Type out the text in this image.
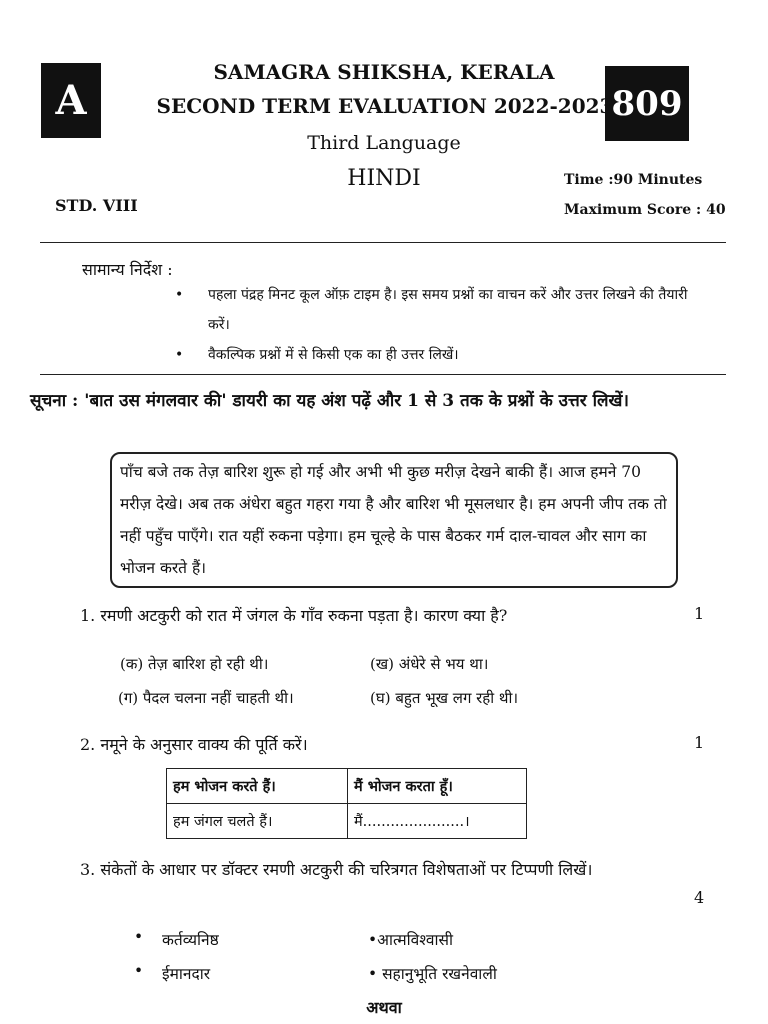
A	809
SAMAGRA SHIKSHA, KERALA
SECOND TERM EVALUATION 2022-2023
Third Language
HINDI
STD. VIII
Time :90 Minutes
Maximum Score : 40
सामान्य निर्देश :
• पहला पंद्रह मिनट कूल ऑफ़ टाइम है। इस समय प्रश्नों का वाचन करें और उत्तर लिखने की तैयारी करें।
• वैकल्पिक प्रश्नों में से किसी एक का ही उत्तर लिखें।
सूचना : 'बात उस मंगलवार की' डायरी का यह अंश पढ़ें और 1 से 3 तक के प्रश्नों के उत्तर लिखें।
पाँच बजे तक तेज़ बारिश शुरू हो गई और अभी भी कुछ मरीज़ देखने बाकी हैं। आज हमने 70 मरीज़ देखे। अब तक अंधेरा बहुत गहरा गया है और बारिश भी मूसलधार है। हम अपनी जीप तक तो नहीं पहुँच पाएँगे। रात यहीं रुकना पड़ेगा। हम चूल्हे के पास बैठकर गर्म दाल-चावल और साग का भोजन करते हैं।
1. रमणी अटकुरी को रात में जंगल के गाँव रुकना पड़ता है। कारण क्या है?	1
(क) तेज़ बारिश हो रही थी।	(ख) अंधेरे से भय था।
(ग) पैदल चलना नहीं चाहती थी।	(घ) बहुत भूख लग रही थी।
2. नमूने के अनुसार वाक्य की पूर्ति करें।	1
हम भोजन करते हैं।	मैं भोजन करता हूँ।
हम जंगल चलते हैं।	मैं......................।
3. संकेतों के आधार पर डॉक्टर रमणी अटकुरी की चरित्रगत विशेषताओं पर टिप्पणी लिखें।
4
• कर्तव्यनिष्ठ	•आत्मविश्वासी
• ईमानदार	• सहानुभूति रखनेवाली
अथवा
